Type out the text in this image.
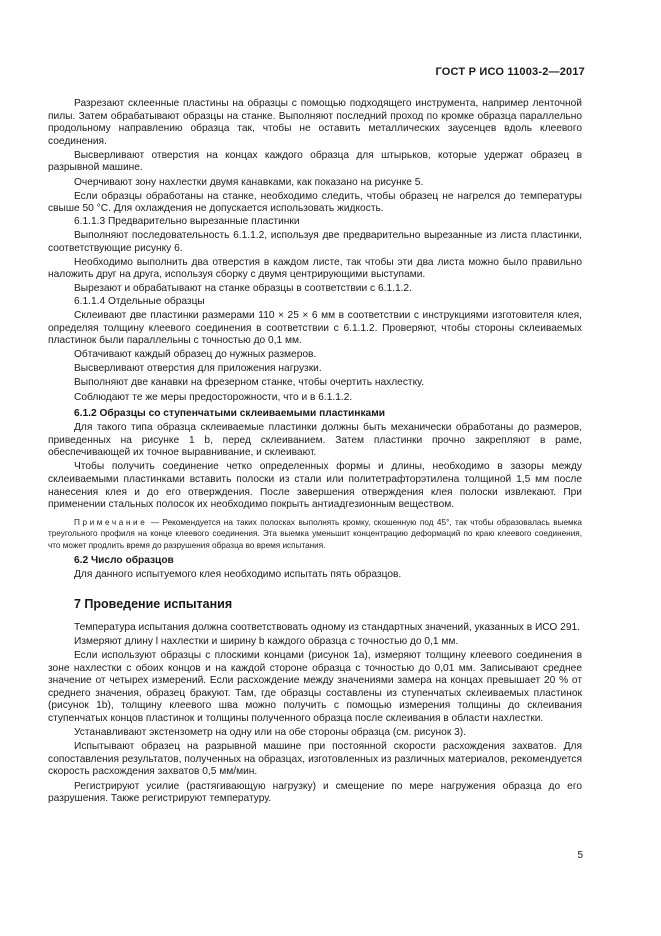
ГОСТ Р ИСО 11003-2—2017

Разрезают склеенные пластины на образцы с помощью подходящего инструмента, например ленточной пилы. Затем обрабатывают образцы на станке. Выполняют последний проход по кромке образца параллельно продольному направлению образца так, чтобы не оставить металлических заусенцев вдоль клеевого соединения.

Высверливают отверстия на концах каждого образца для штырьков, которые удержат образец в разрывной машине.

Очерчивают зону нахлестки двумя канавками, как показано на рисунке 5.

Если образцы обработаны на станке, необходимо следить, чтобы образец не нагрелся до температуры свыше 50 °С. Для охлаждения не допускается использовать жидкость.

6.1.1.3 Предварительно вырезанные пластинки

Выполняют последовательность 6.1.1.2, используя две предварительно вырезанные из листа пластинки, соответствующие рисунку 6.

Необходимо выполнить два отверстия в каждом листе, так чтобы эти два листа можно было правильно наложить друг на друга, используя сборку с двумя центрирующими выступами.

Вырезают и обрабатывают на станке образцы в соответствии с 6.1.1.2.

6.1.1.4 Отдельные образцы

Склеивают две пластинки размерами 110 × 25 × 6 мм в соответствии с инструкциями изготовителя клея, определяя толщину клеевого соединения в соответствии с 6.1.1.2. Проверяют, чтобы стороны склеиваемых пластинок были параллельны с точностью до 0,1 мм.

Обтачивают каждый образец до нужных размеров.

Высверливают отверстия для приложения нагрузки.

Выполняют две канавки на фрезерном станке, чтобы очертить нахлестку.

Соблюдают те же меры предосторожности, что и в 6.1.1.2.

6.1.2 Образцы со ступенчатыми склеиваемыми пластинками

Для такого типа образца склеиваемые пластинки должны быть механически обработаны до размеров, приведенных на рисунке 1 b, перед склеиванием. Затем пластинки прочно закрепляют в раме, обеспечивающей их точное выравнивание, и склеивают.

Чтобы получить соединение четко определенных формы и длины, необходимо в зазоры между склеиваемыми пластинками вставить полоски из стали или политетрафторэтилена толщиной 1,5 мм после нанесения клея и до его отверждения. После завершения отверждения клея полоски извлекают. При применении стальных полосок их необходимо покрыть антиадгезионным веществом.

Примечание — Рекомендуется на таких полосках выполнять кромку, скошенную под 45°, так чтобы образовалась выемка треугольного профиля на конце клеевого соединения. Эта выемка уменьшит концентрацию деформаций по краю клеевого соединения, что может продлить время до разрушения образца во время испытания.

6.2 Число образцов

Для данного испытуемого клея необходимо испытать пять образцов.

7 Проведение испытания

Температура испытания должна соответствовать одному из стандартных значений, указанных в ИСО 291.

Измеряют длину l нахлестки и ширину b каждого образца с точностью до 0,1 мм.

Если используют образцы с плоскими концами (рисунок 1а), измеряют толщину клеевого соединения в зоне нахлестки с обоих концов и на каждой стороне образца с точностью до 0,01 мм. Записывают среднее значение от четырех измерений. Если расхождение между значениями замера на концах превышает 20 % от среднего значения, образец бракуют. Там, где образцы составлены из ступенчатых склеиваемых пластинок (рисунок 1b), толщину клеевого шва можно получить с помощью измерения толщины до склеивания ступенчатых концов пластинок и толщины полученного образца после склеивания в области нахлестки.

Устанавливают экстензометр на одну или на обе стороны образца (см. рисунок 3).

Испытывают образец на разрывной машине при постоянной скорости расхождения захватов. Для сопоставления результатов, полученных на образцах, изготовленных из различных материалов, рекомендуется скорость расхождения захватов 0,5 мм/мин.

Регистрируют усилие (растягивающую нагрузку) и смещение по мере нагружения образца до его разрушения. Также регистрируют температуру.

5
